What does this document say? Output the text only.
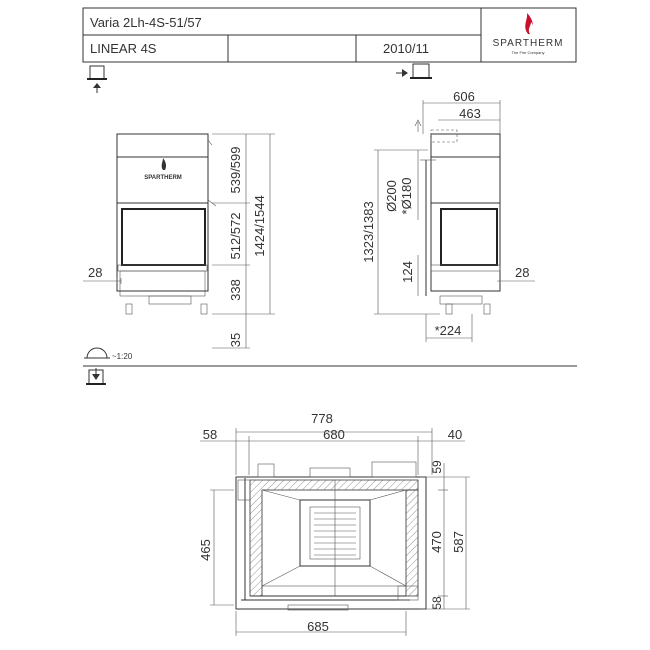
Varia 2Lh-4S-51/57
LINEAR 4S	2010/11	SPARTHERM
The Fire Company
SPARTHERM	539/599
512/572
338
35
1424/1544
28
606
463
1323/1383
Ø200 *Ø180
124	28
*224
~1:20
778
58	680	40
685
465
59
470 587
58
